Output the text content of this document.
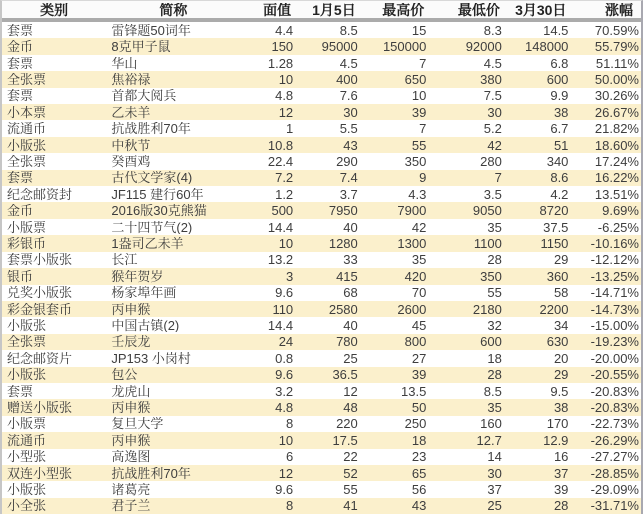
类别	简称	面值	1月5日	最高价	最低价	3月30日	涨幅
套票	雷锋题50词年	4.4	8.5	15	8.3	14.5	70.59%
金币	8克甲子鼠	150	95000	150000	92000	148000	55.79%
套票	华山	1.28	4.5	7	4.5	6.8	51.11%
全张票	焦裕禄	10	400	650	380	600	50.00%
套票	首都大阅兵	4.8	7.6	10	7.5	9.9	30.26%
小本票	乙未羊	12	30	39	30	38	26.67%
流通币	抗战胜利70年	1	5.5	7	5.2	6.7	21.82%
小版张	中秋节	10.8	43	55	42	51	18.60%
全张票	癸酉鸡	22.4	290	350	280	340	17.24%
套票	古代文学家(4)	7.2	7.4	9	7	8.6	16.22%
纪念邮资封	JF115 建行60年	1.2	3.7	4.3	3.5	4.2	13.51%
金币	2016版30克熊猫	500	7950	7900	9050	8720	9.69%
小版票	二十四节气(2)	14.4	40	42	35	37.5	-6.25%
彩银币	1盎司乙未羊	10	1280	1300	1100	1150	-10.16%
套票小版张	长江	13.2	33	35	28	29	-12.12%
银币	猴年贺岁	3	415	420	350	360	-13.25%
兑奖小版张	杨家埠年画	9.6	68	70	55	58	-14.71%
彩金银套币	丙申猴	110	2580	2600	2180	2200	-14.73%
小版张	中国古镇(2)	14.4	40	45	32	34	-15.00%
全张票	壬辰龙	24	780	800	600	630	-19.23%
纪念邮资片	JP153 小岗村	0.8	25	27	18	20	-20.00%
小版张	包公	9.6	36.5	39	28	29	-20.55%
套票	龙虎山	3.2	12	13.5	8.5	9.5	-20.83%
赠送小版张	丙申猴	4.8	48	50	35	38	-20.83%
小版票	复旦大学	8	220	250	160	170	-22.73%
流通币	丙申猴	10	17.5	18	12.7	12.9	-26.29%
小型张	高逸图	6	22	23	14	16	-27.27%
双连小型张	抗战胜利70年	12	52	65	30	37	-28.85%
小版张	诸葛亮	9.6	55	56	37	39	-29.09%
小全张	君子兰	8	41	43	25	28	-31.71%
